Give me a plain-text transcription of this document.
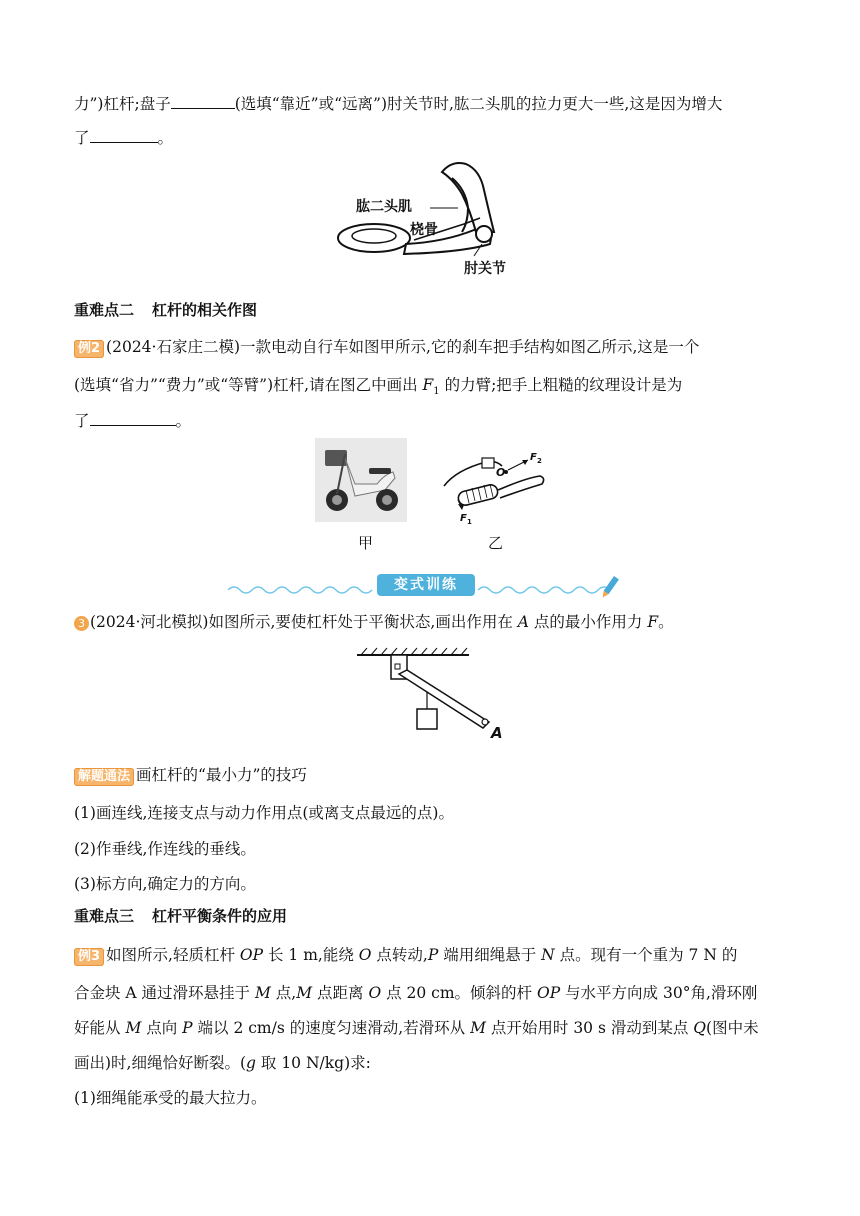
力”)杠杆;盘子	(选填“靠近”或“远离”)肘关节时,肱二头肌的拉力更大一些,这是因为增大
了	。
肱二头肌
桡骨
肘关节
重难点二 杠杆的相关作图
例2 (2024·石家庄二模)一款电动自行车如图甲所示,它的刹车把手结构如图乙所示,这是一个
(选填“省力”“费力”或“等臂”)杠杆,请在图乙中画出 $F_1$ 的力臂;把手上粗糙的纹理设计是为
了	。
O
F 2
F 1
甲	乙
变式训练
3 (2024·河北模拟)如图所示,要使杠杆处于平衡状态,画出作用在 A 点的最小作用力 F。
A
解题通法 画杠杆的“最小力”的技巧
(1)画连线,连接支点与动力作用点(或离支点最远的点)。
(2)作垂线,作连线的垂线。
(3)标方向,确定力的方向。
重难点三 杠杆平衡条件的应用
例3 如图所示,轻质杠杆 OP 长 1 m,能绕 O 点转动,P 端用细绳悬于 N 点。现有一个重为 7 N 的
合金块 A 通过滑环悬挂于 M 点,M 点距离 O 点 20 cm。倾斜的杆 OP 与水平方向成 30°角,滑环刚
好能从 M 点向 P 端以 2 cm/s 的速度匀速滑动,若滑环从 M 点开始用时 30 s 滑动到某点 Q(图中未
画出)时,细绳恰好断裂。(g 取 10 N/kg)求:
(1)细绳能承受的最大拉力。
